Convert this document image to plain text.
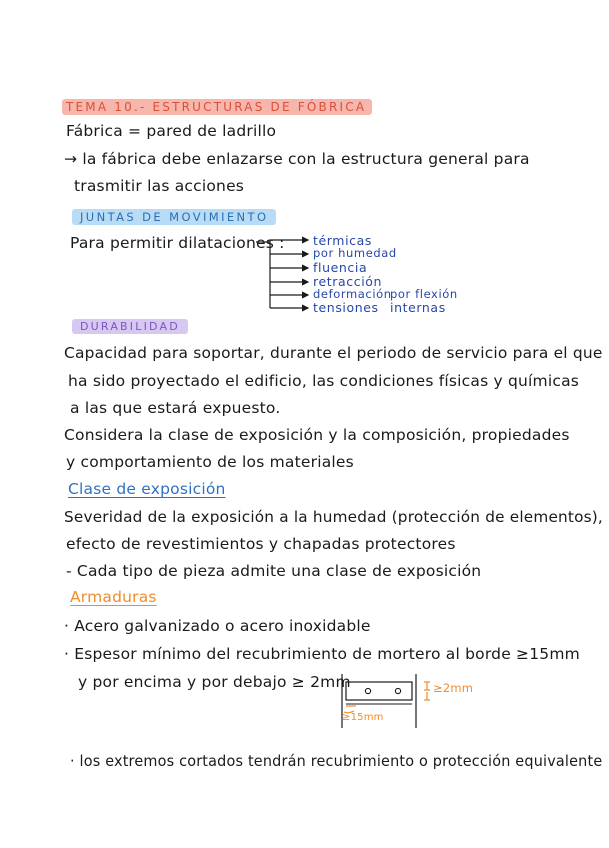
TEMA 10.- ESTRUCTURAS DE FÓBRICA
Fábrica = pared de ladrillo
→ la fábrica debe enlazarse con la estructura general para
trasmitir las acciones
JUNTAS DE MOVIMIENTO
Para permitir dilataciones : térmicas
por humedad
fluencia
retracción
deformación
por flexión
tensiones internas
DURABILIDAD
Capacidad para soportar, durante el periodo de servicio para el que
ha sido proyectado el edificio, las condiciones físicas y químicas
a las que estará expuesto.
Considera la clase de exposición y la composición, propiedades
y comportamiento de los materiales
Clase de exposición
Severidad de la exposición a la humedad (protección de elementos),
efecto de revestimientos y chapadas protectores
- Cada tipo de pieza admite una clase de exposición
Armaduras
· Acero galvanizado o acero inoxidable
· Espesor mínimo del recubrimiento de mortero al borde ≥15mm
y por encima y por debajo ≥ 2mm	≥2mm
≥15mm
· los extremos cortados tendrán recubrimiento o protección equivalente
